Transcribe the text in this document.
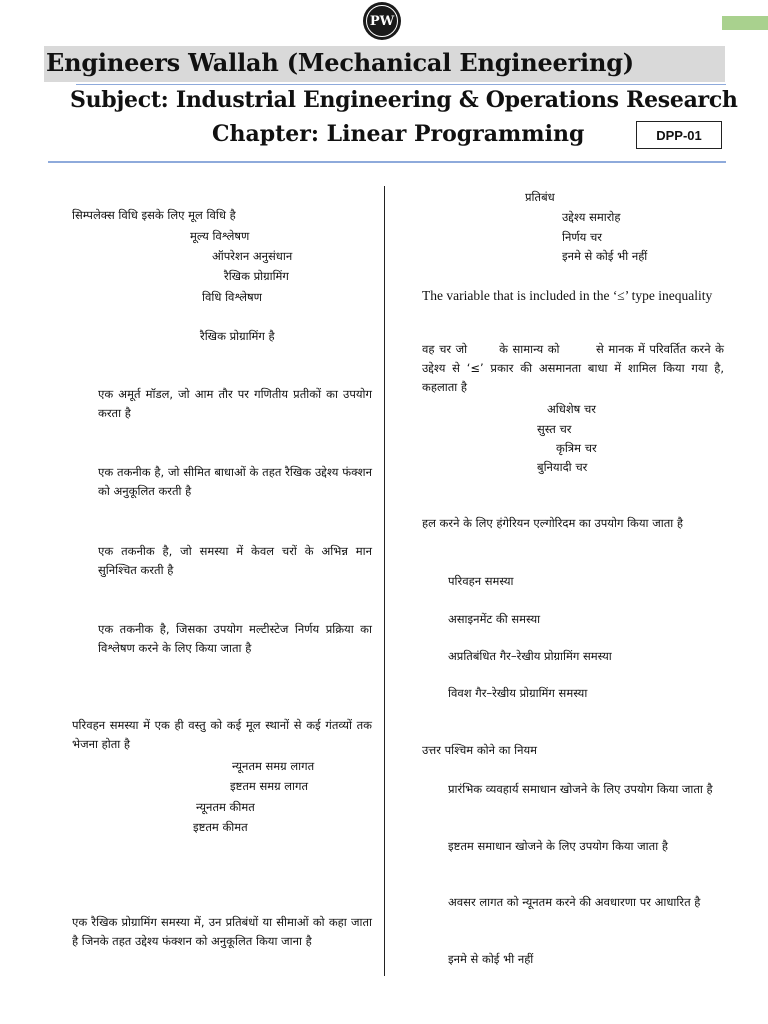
PW
Engineers Wallah (Mechanical Engineering)
Subject: Industrial Engineering & Operations Research
Chapter: Linear Programming	DPP-01
सिम्पलेक्स विधि इसके लिए मूल विधि है
मूल्य विश्लेषण
ऑपरेशन अनुसंधान
रैखिक प्रोग्रामिंग
विधि विश्लेषण
रैखिक प्रोग्रामिंग है
एक अमूर्त मॉडल, जो आम तौर पर गणितीय प्रतीकों का उपयोग करता है
एक तकनीक है, जो सीमित बाधाओं के तहत रैखिक उद्देश्य फंक्शन को अनुकूलित करती है
एक तकनीक है, जो समस्या में केवल चरों के अभिन्न मान सुनिश्चित करती है
एक तकनीक है, जिसका उपयोग मल्टीस्टेज निर्णय प्रक्रिया का विश्लेषण करने के लिए किया जाता है
परिवहन समस्या में एक ही वस्तु को कई मूल स्थानों से कई गंतव्यों तक भेजना होता है
न्यूनतम समग्र लागत
इष्टतम समग्र लागत
न्यूनतम कीमत
इष्टतम कीमत
एक रैखिक प्रोग्रामिंग समस्या में, उन प्रतिबंधों या सीमाओं को कहा जाता है जिनके तहत उद्देश्य फंक्शन को अनुकूलित किया जाना है
प्रतिबंध
उद्देश्य समारोह
निर्णय चर
इनमे से कोई भी नहीं
The variable that is included in the ‘≤’ type inequality
वह चर जो       के सामान्य को        से मानक में परिवर्तित करने के उद्देश्य से ‘≤’ प्रकार की असमानता बाधा में शामिल किया गया है, कहलाता है
अधिशेष चर
सुस्त चर
कृत्रिम चर
बुनियादी चर
हल करने के लिए हंगेरियन एल्गोरिदम का उपयोग किया जाता है
परिवहन समस्या
असाइनमेंट की समस्या
अप्रतिबंधित गैर–रेखीय प्रोग्रामिंग समस्या
विवश गैर–रेखीय प्रोग्रामिंग समस्या
उत्तर पश्चिम कोने का नियम
प्रारंभिक व्यवहार्य समाधान खोजने के लिए उपयोग किया जाता है
इष्टतम समाधान खोजने के लिए उपयोग किया जाता है
अवसर लागत को न्यूनतम करने की अवधारणा पर आधारित है
इनमे से कोई भी नहीं
